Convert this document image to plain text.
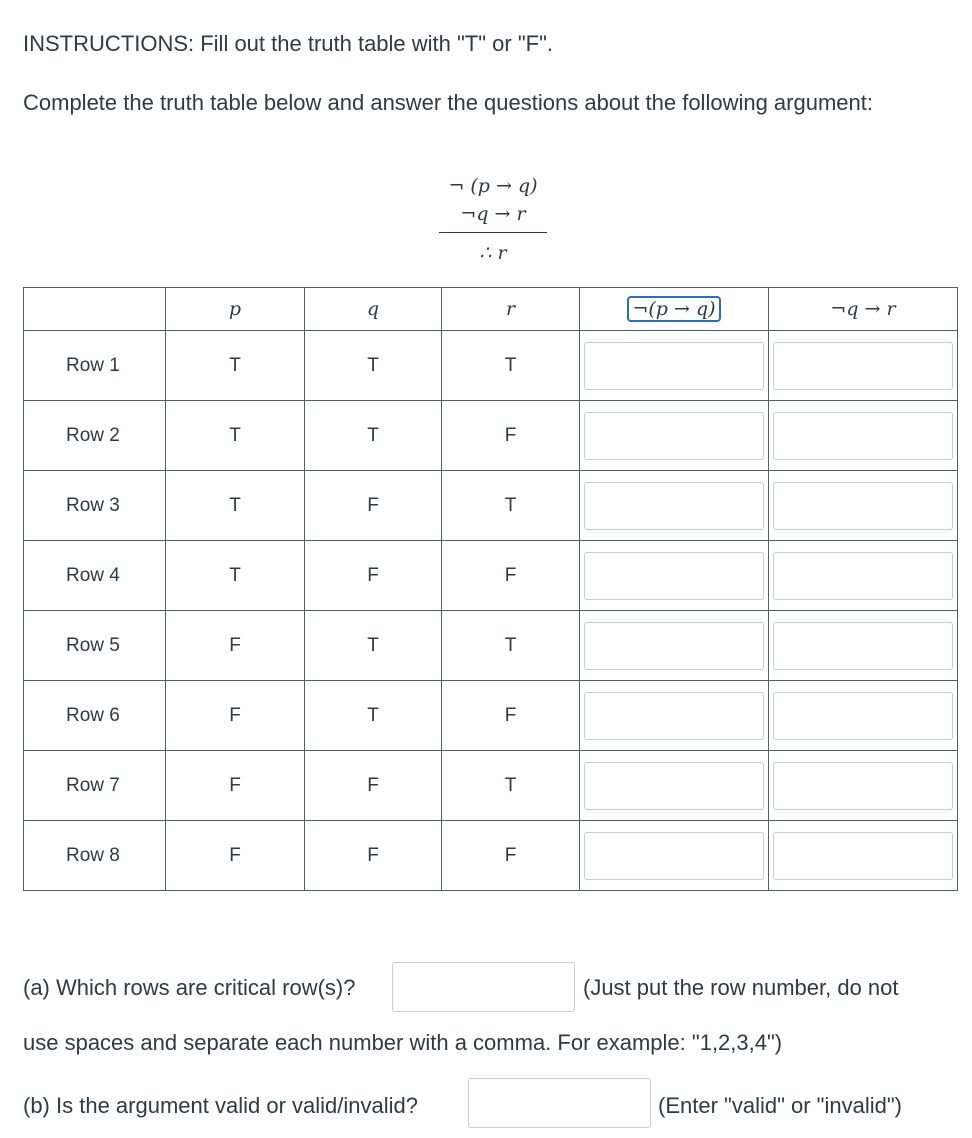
INSTRUCTIONS: Fill out the truth table with "T" or "F".
Complete the truth table below and answer the questions about the following argument:
¬ (p → q)
¬q → r
∴ r
	p	q	r	¬(p → q)	¬q → r
Row 1	T	T	T	

Row 2	T	T	F	

Row 3	T	F	T	

Row 4	T	F	F	

Row 5	F	T	T	

Row 6	F	T	F	

Row 7	F	F	T	

Row 8	F	F	F	

(a) Which rows are critical row(s)?	(Just put the row number, do not
use spaces and separate each number with a comma. For example: "1,2,3,4")
(b) Is the argument valid or valid/invalid?	(Enter "valid" or "invalid")
